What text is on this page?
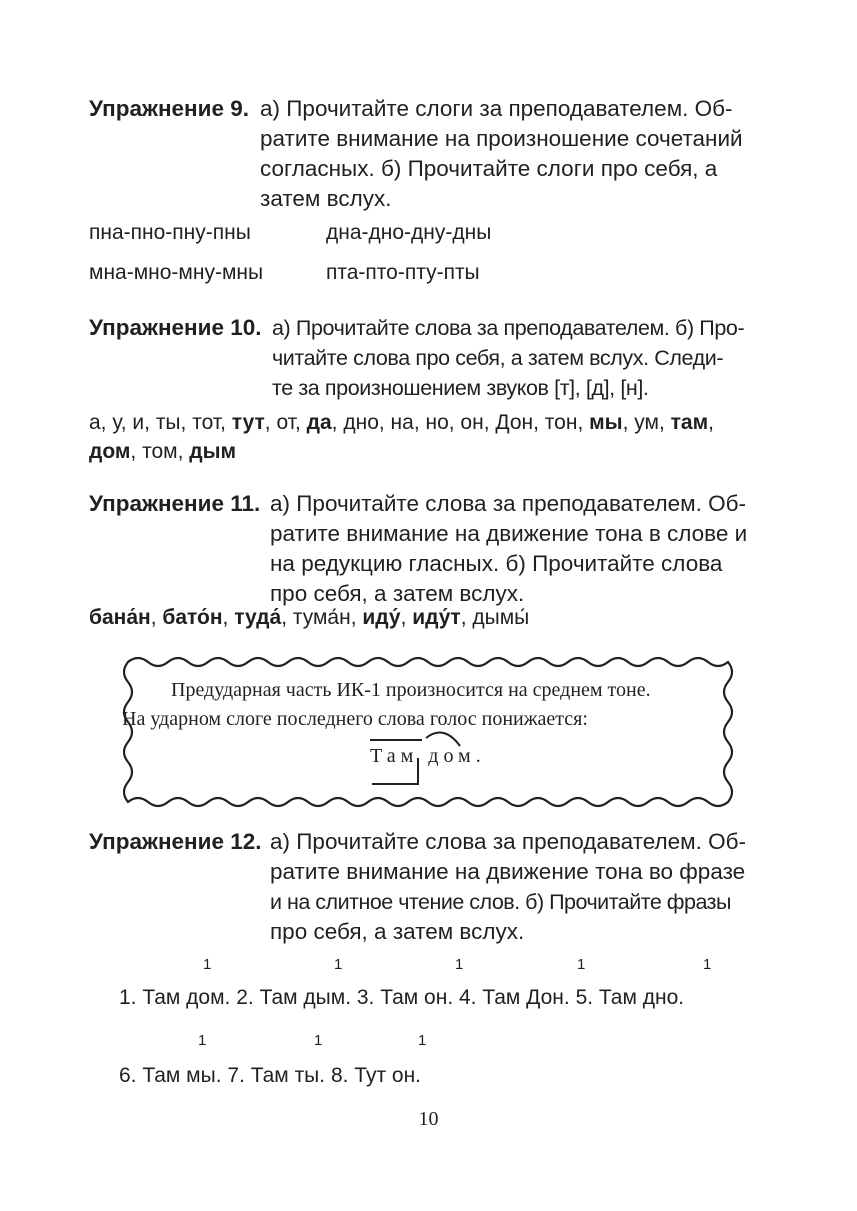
Упражнение 9. а) Прочитайте слоги за преподавателем. Об-
ратите внимание на произношение сочетаний
согласных. б) Прочитайте слоги про себя, а
затем вслух.
пна-пно-пну-пны	дна-дно-дну-дны
мна-мно-мну-мны	пта-пто-пту-пты
Упражнение 10. а) Прочитайте слова за преподавателем. б) Про-
читайте слова про себя, а затем вслух. Следи-
те за произношением звуков [т], [д], [н].
а, у, и, ты, тот, тут, от, да, дно, на, но, он, Дон, тон, мы, ум, там,
дом, том, дым
Упражнение 11. а) Прочитайте слова за преподавателем. Об-
ратите внимание на движение тона в слове и
на редукцию гласных. б) Прочитайте слова
про себя, а затем вслух.
бана́н, бато́н, туда́, тума́н, иду́, иду́т, дымы́
Предударная часть ИК-1 произносится на среднем тоне.
На ударном слоге последнего слова голос понижается:
Там дом.
Упражнение 12. а) Прочитайте слова за преподавателем. Об-
ратите внимание на движение тона во фразе
и на слитное чтение слов. б) Прочитайте фразы
про себя, а затем вслух.
1	1	1	1	1
1. Там дом. 2. Там дым. 3. Там он. 4. Там Дон. 5. Там дно.
1	1	1
6. Там мы. 7. Там ты. 8. Тут он.
10
